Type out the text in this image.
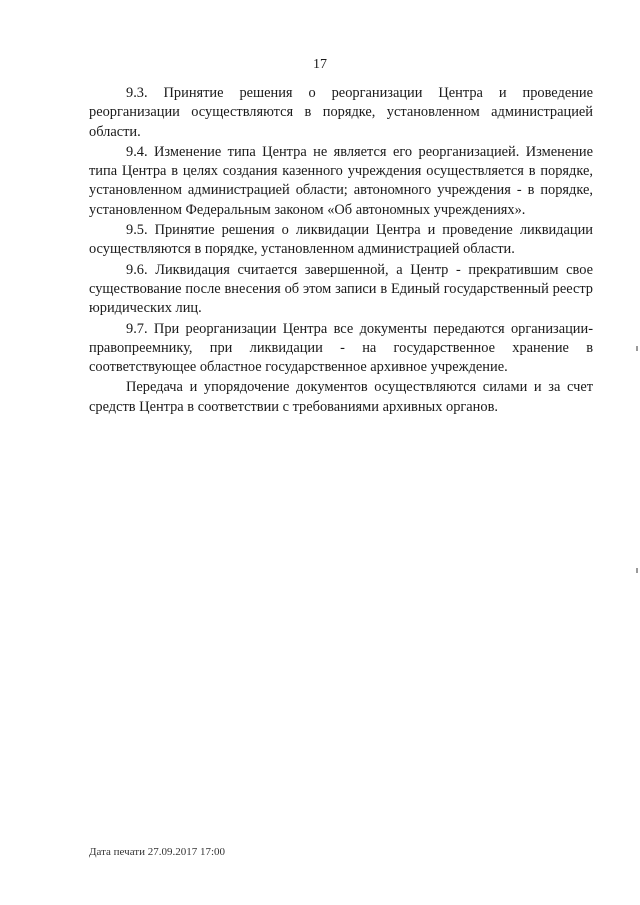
17

9.3. Принятие решения о реорганизации Центра и проведение реорганизации осуществляются в порядке, установленном администрацией области.

9.4. Изменение типа Центра не является его реорганизацией. Изменение типа Центра в целях создания казенного учреждения осуществляется в порядке, установленном администрацией области; автономного учреждения - в порядке, установленном Федеральным законом «Об автономных учреждениях».

9.5. Принятие решения о ликвидации Центра и проведение ликвидации осуществляются в порядке, установленном администрацией области.

9.6. Ликвидация считается завершенной, а Центр - прекратившим свое существование после внесения об этом записи в Единый государственный реестр юридических лиц.

9.7. При реорганизации Центра все документы передаются организации-правопреемнику, при ликвидации - на государственное хранение в соответствующее областное государственное архивное учреждение.

Передача и упорядочение документов осуществляются силами и за счет средств Центра в соответствии с требованиями архивных органов.

Дата печати 27.09.2017 17:00
